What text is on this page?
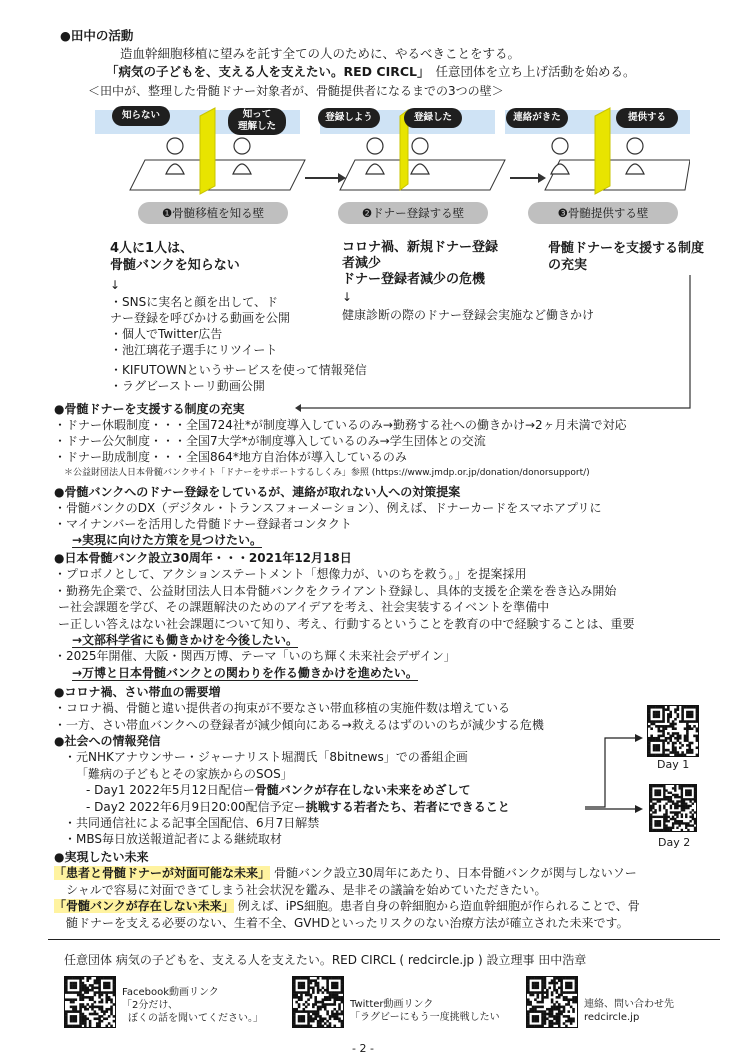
●田中の活動
造血幹細胞移植に望みを託す全ての人のために、やるべきことをする。
「病気の子どもを、支える人を支えたい。RED CIRCL」 任意団体を立ち上げ活動を始める。
＜田中が、整理した骨髄ドナー対象者が、骨髄提供者になるまでの3つの壁＞
知らない	知って
理解した
登録しよう	登録した	連絡がきた	提供する
❶骨髄移植を知る壁	❷ドナー登録する壁	❸骨髄提供する壁
4人に1人は、
骨髄バンクを知らない
↓
・SNSに実名と顔を出して、ド
ナー登録を呼びかける動画を公開
・個人でTwitter広告
・池江璃花子選手にリツイート
・KIFUTOWNというサービスを使って情報発信
・ラグビーストーリ動画公開
コロナ禍、新規ドナー登録
者減少
ドナー登録者減少の危機
↓
健康診断の際のドナー登録会実施など働きかけ
骨髄ドナーを支援する制度
の充実
●骨髄ドナーを支援する制度の充実
・ドナー休暇制度・・・全国724社*が制度導入しているのみ→勤務する社への働きかけ→2ヶ月未満で対応
・ドナー公欠制度・・・全国7大学*が制度導入しているのみ→学生団体との交流
・ドナー助成制度・・・全国864*地方自治体が導入しているのみ
＊公益財団法人日本骨髄バンクサイト「ドナーをサポートするしくみ」参照 (https://www.jmdp.or.jp/donation/donorsupport/)
●骨髄バンクへのドナー登録をしているが、連絡が取れない人への対策提案
・骨髄バンクのDX（デジタル・トランスフォーメーション）、例えば、ドナーカードをスマホアプリに
・マイナンバーを活用した骨髄ドナー登録者コンタクト
→実現に向けた方策を見つけたい。
●日本骨髄バンク設立30周年・・・2021年12月18日
・プロボノとして、アクションステートメント「想像力が、いのちを救う。」を提案採用
・勤務先企業で、公益財団法人日本骨髄バンクをクライアント登録し、具体的支援を企業を巻き込み開始
ー社会課題を学び、その課題解決のためのアイデアを考え、社会実装するイベントを準備中
ー正しい答えはない社会課題について知り、考え、行動するということを教育の中で経験することは、重要
→文部科学省にも働きかけを今後したい。
・2025年開催、大阪・関西万博、テーマ「いのち輝く未来社会デザイン」
→万博と日本骨髄バンクとの関わりを作る働きかけを進めたい。
●コロナ禍、さい帯血の需要増
・コロナ禍、骨髄と違い提供者の拘束が不要なさい帯血移植の実施件数は増えている
・一方、さい帯血バンクへの登録者が減少傾向にある→救えるはずのいのちが減少する危機
●社会への情報発信
・元NHKアナウンサー・ジャーナリスト堀潤氏「8bitnews」での番組企画
「難病の子どもとその家族からのSOS」
- Day1 2022年5月12日配信ー骨髄バンクが存在しない未来をめざして
- Day2 2022年6月9日20:00配信予定ー挑戦する若者たち、若者にできること
・共同通信社による記事全国配信、6月7日解禁
・MBS毎日放送報道記者による継続取材
Day 1
Day 2
●実現したい未来
「患者と骨髄ドナーが対面可能な未来」 骨髄バンク設立30周年にあたり、日本骨髄バンクが関与しないソー
シャルで容易に対面できてしまう社会状況を鑑み、是非その議論を始めていただきたい。
「骨髄バンクが存在しない未来」 例えば、iPS細胞。患者自身の幹細胞から造血幹細胞が作られることで、骨
髄ドナーを支える必要のない、生着不全、GVHDといったリスクのない治療方法が確立された未来です。
任意団体 病気の子どもを、支える人を支えたい。RED CIRCL ( redcircle.jp ) 設立理事 田中浩章
Facebook動画リンク
「2分だけ、
ぼくの話を聞いてください。」
Twitter動画リンク
「ラグビーにもう一度挑戦したい
連絡、問い合わせ先
redcircle.jp
- 2 -
